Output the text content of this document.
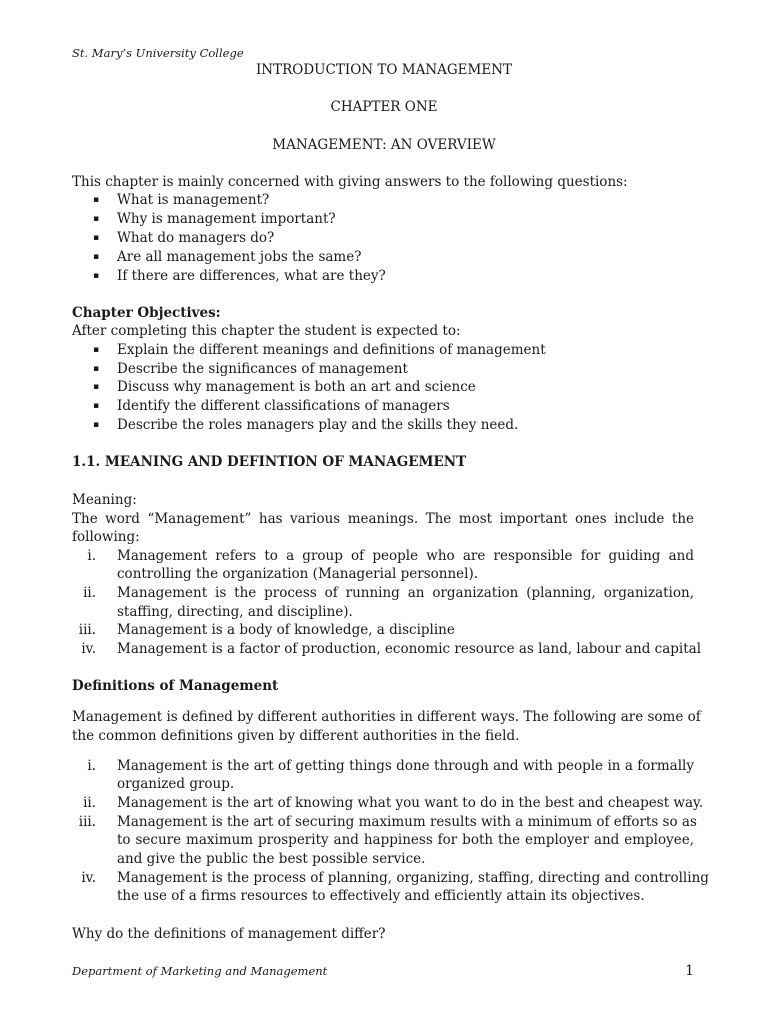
St. Mary’s University College
INTRODUCTION TO MANAGEMENT
CHAPTER ONE
MANAGEMENT: AN OVERVIEW
This chapter is mainly concerned with giving answers to the following questions:
▪ What is management?
▪ Why is management important?
▪ What do managers do?
▪ Are all management jobs the same?
▪ If there are differences, what are they?
Chapter Objectives:
After completing this chapter the student is expected to:
▪ Explain the different meanings and definitions of management
▪ Describe the significances of management
▪ Discuss why management is both an art and science
▪ Identify the different classifications of managers
▪ Describe the roles managers play and the skills they need.
1.1. MEANING AND DEFINTION OF MANAGEMENT
Meaning:
The word “Management” has various meanings. The most important ones include the
following:
i. Management refers to a group of people who are responsible for guiding and
controlling the organization (Managerial personnel).
ii. Management is the process of running an organization (planning, organization,
staffing, directing, and discipline).
iii. Management is a body of knowledge, a discipline
iv. Management is a factor of production, economic resource as land, labour and capital
Definitions of Management
Management is defined by different authorities in different ways. The following are some of
the common definitions given by different authorities in the field.
i. Management is the art of getting things done through and with people in a formally
organized group.
ii. Management is the art of knowing what you want to do in the best and cheapest way.
iii. Management is the art of securing maximum results with a minimum of efforts so as
to secure maximum prosperity and happiness for both the employer and employee,
and give the public the best possible service.
iv. Management is the process of planning, organizing, staffing, directing and controlling
the use of a firms resources to effectively and efficiently attain its objectives.
Why do the definitions of management differ?
Department of Marketing and Management	1
